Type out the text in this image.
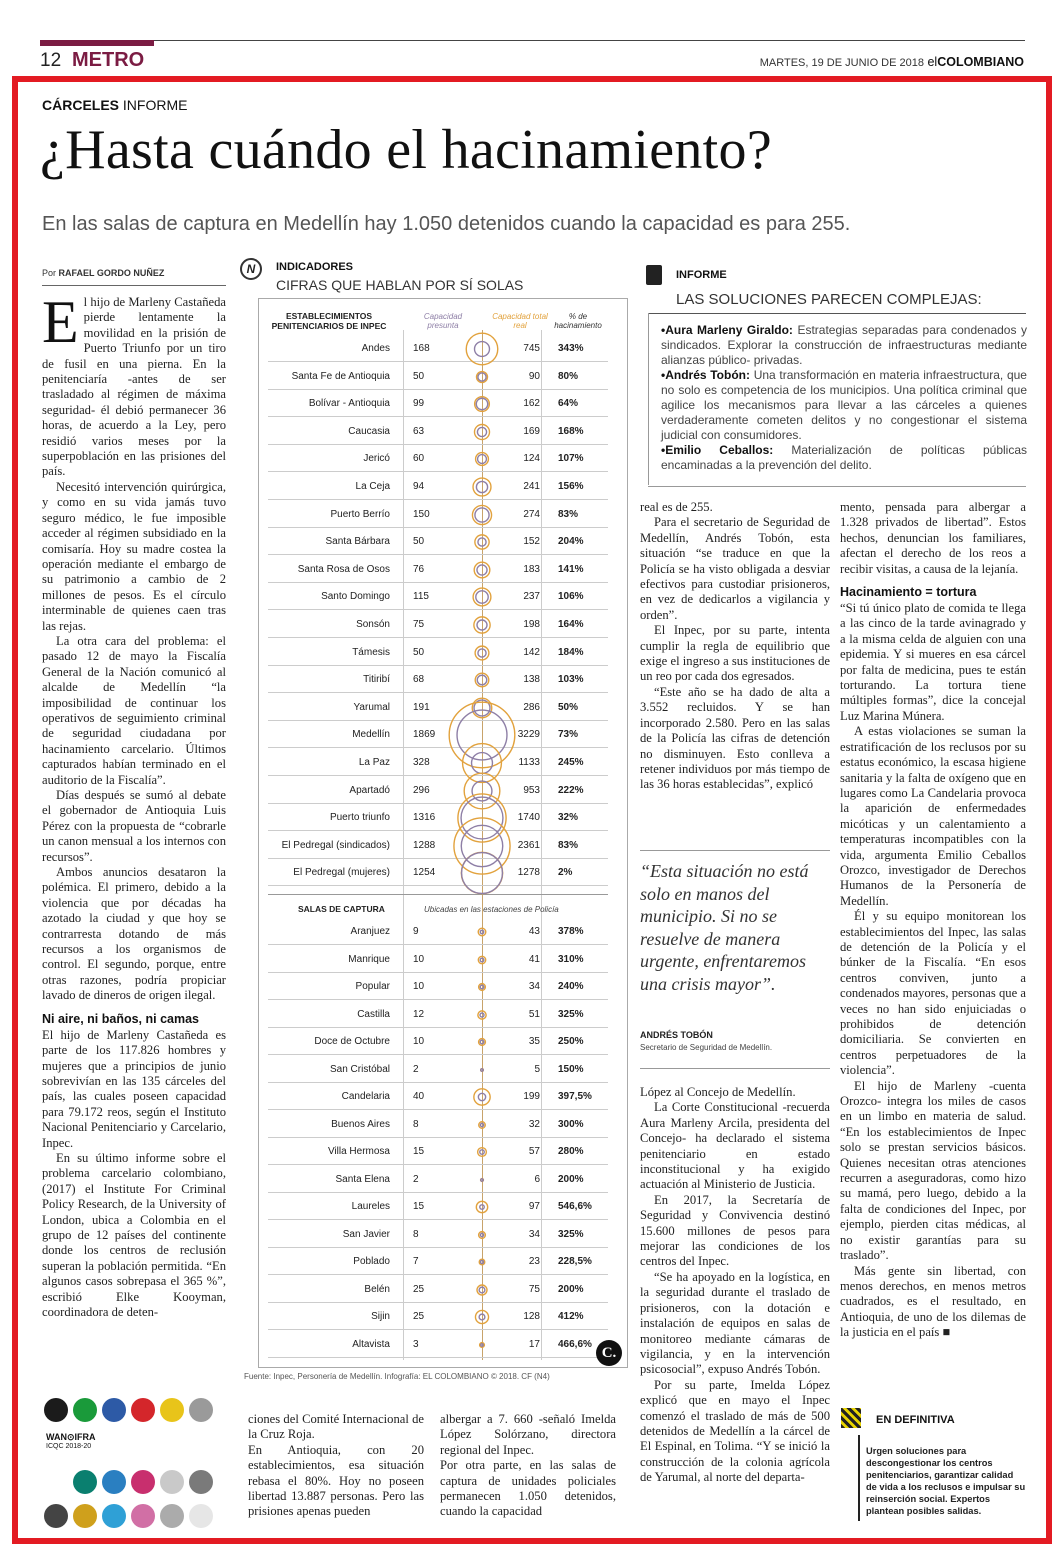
12 METRO	MARTES, 19 DE JUNIO DE 2018 elCOLOMBIANO
CÁRCELES INFORME
¿Hasta cuándo el hacinamiento?
En las salas de captura en Medellín hay 1.050 detenidos cuando la capacidad es para 255.
Por RAFAEL GORDO NUÑEZ

El hijo de Marleny Castañeda pierde lentamente la movilidad en la prisión de Puerto Triunfo por un tiro de fusil en una pierna. En la penitenciaría -antes de ser trasladado al régimen de máxima seguridad- él debió permanecer 36 horas, de acuerdo a la Ley, pero residió varios meses por la superpoblación en las prisiones del país.

Necesitó intervención quirúrgica, y como en su vida jamás tuvo seguro médico, le fue imposible acceder al régimen subsidiado en la comisaría. Hoy su madre costea la operación mediante el embargo de su patrimonio a cambio de 2 millones de pesos. Es el círculo interminable de quienes caen tras las rejas.

La otra cara del problema: el pasado 12 de mayo la Fiscalía General de la Nación comunicó al alcalde de Medellín “la imposibilidad de continuar los operativos de seguimiento criminal de seguridad ciudadana por hacinamiento carcelario. Últimos capturados habían terminado en el auditorio de la Fiscalía”.

Días después se sumó al debate el gobernador de Antioquia Luis Pérez con la propuesta de “cobrarle un canon mensual a los internos con recursos”.

Ambos anuncios desataron la polémica. El primero, debido a la violencia que por décadas ha azotado la ciudad y que hoy se contrarresta dotando de más recursos a los organismos de control. El segundo, porque, entre otras razones, podría propiciar lavado de dineros de origen ilegal.

Ni aire, ni baños, ni camas

El hijo de Marleny Castañeda es parte de los 117.826 hombres y mujeres que a principios de junio sobrevivían en las 135 cárceles del país, las cuales poseen capacidad para 79.172 reos, según el Instituto Nacional Penitenciario y Carcelario, Inpec.

En su último informe sobre el problema carcelario colombiano, (2017) el Institute For Criminal Policy Research, de la University of London, ubica a Colombia en el grupo de 12 países del continente donde los centros de reclusión superan la población permitida. “En algunos casos sobrepasa el 365 %”, escribió Elke Kooyman, coordinadora de deten-

N	INDICADORES
CIFRAS QUE HABLAN POR SÍ SOLAS
ESTABLECIMIENTOS PENITENCIARIOS DE INPEC
Capacidad presunta
Capacidad total real
% de hacinamiento
Andes 168	745 343%
Santa Fe de Antioquia 50	90 80%
Bolívar - Antioquia 99	162 64%
Caucasia 63	169 168%
Jericó 60	124 107%
La Ceja 94	241 156%
Puerto Berrío 150	274 83%
Santa Bárbara 50	152 204%
Santa Rosa de Osos 76	183 141%
Santo Domingo 115	237 106%
Sonsón 75	198 164%
Támesis 50	142 184%
Titiribí 68	138 103%
Yarumal 191	286 50%
Medellín 1869	3229 73%
La Paz 328	1133 245%
Apartadó 296	953 222%
Puerto triunfo 1316	1740 32%
El Pedregal (sindicados) 1288	2361 83%
El Pedregal (mujeres) 1254	1278 2%
Aranjuez 9	43 378%
Manrique 10	41 310%
Popular 10	34 240%
Castilla 12	51 325%
Doce de Octubre 10	35 250%
San Cristóbal 2	5 150%
Candelaria 40	199 397,5%
Buenos Aires 8	32 300%
Villa Hermosa 15	57 280%
Santa Elena 2	6 200%
Laureles 15	97 546,6%
San Javier 8	34 325%
Poblado 7	23 228,5%
Belén 25	75 200%
Sijin 25	128 412%
Altavista 3	17 466,6%
SALAS DE CAPTURA	Ubicadas en las estaciones de Policía
Fuente: Inpec, Personería de Medellín. Infografía: EL COLOMBIANO © 2018. CF (N4)
C.
INFORME
LAS SOLUCIONES PARECEN COMPLEJAS:

•Aura Marleny Giraldo: Estrategias separadas para condenados y sindicados. Explorar la construcción de infraestructuras mediante alianzas público- privadas.

•Andrés Tobón: Una transformación en materia infraestructura, que no solo es competencia de los municipios. Una política criminal que agilice los mecanismos para llevar a las cárceles a quienes verdaderamente cometen delitos y no congestionar el sistema judicial con consumidores.

•Emilio Ceballos: Materialización de políticas públicas encaminadas a la prevención del delito.

ciones del Comité Internacional de la Cruz Roja.
En Antioquia, con 20 establecimientos, esa situación rebasa el 80%. Hoy no poseen libertad 13.887 personas. Pero las prisiones apenas pueden

albergar a 7. 660 -señaló Imelda López Solórzano, directora regional del Inpec.
Por otra parte, en las salas de captura de unidades policiales permanecen 1.050 detenidos, cuando la capacidad

real es de 255.

Para el secretario de Seguridad de Medellín, Andrés Tobón, esta situación “se traduce en que la Policía se ha visto obligada a desviar efectivos para custodiar prisioneros, en vez de dedicarlos a vigilancia y orden”.

El Inpec, por su parte, intenta cumplir la regla de equilibrio que exige el ingreso a sus instituciones de un reo por cada dos egresados.

“Este año se ha dado de alta a 3.552 recluidos. Y se han incorporado 2.580. Pero en las salas de la Policía las cifras de detención no disminuyen. Esto conlleva a retener individuos por más tiempo de las 36 horas establecidas”, explicó

“Esta situación no está solo en manos del municipio. Si no se resuelve de manera urgente, enfrentaremos una crisis mayor”.
ANDRÉS TOBÓN
Secretario de Seguridad de Medellín.

López al Concejo de Medellín.

La Corte Constitucional -recuerda Aura Marleny Arcila, presidenta del Concejo- ha declarado el sistema penitenciario en estado inconstitucional y ha exigido actuación al Ministerio de Justicia.

En 2017, la Secretaría de Seguridad y Convivencia destinó 15.600 millones de pesos para mejorar las condiciones de los centros del Inpec.

“Se ha apoyado en la logística, en la seguridad durante el traslado de prisioneros, con la dotación e instalación de equipos en salas de monitoreo mediante cámaras de vigilancia, y en la intervención psicosocial”, expuso Andrés Tobón.

Por su parte, Imelda López explicó que en mayo el Inpec comenzó el traslado de más de 500 detenidos de Medellín a la cárcel de El Espinal, en Tolima. “Y se inició la construcción de la colonia agrícola de Yarumal, al norte del departa-

mento, pensada para albergar a 1.328 privados de libertad”. Estos hechos, denuncian los familiares, afectan el derecho de los reos a recibir visitas, a causa de la lejanía.

Hacinamiento = tortura

“Si tú único plato de comida te llega a las cinco de la tarde avinagrado y a la misma celda de alguien con una epidemia. Y si mueres en esa cárcel por falta de medicina, pues te están torturando. La tortura tiene múltiples formas”, dice la concejal Luz Marina Múnera.

A estas violaciones se suman la estratificación de los reclusos por su estatus económico, la escasa higiene sanitaria y la falta de oxígeno que en lugares como La Candelaria provoca la aparición de enfermedades micóticas y un calentamiento a temperaturas incompatibles con la vida, argumenta Emilio Ceballos Orozco, investigador de Derechos Humanos de la Personería de Medellín.

Él y su equipo monitorean los establecimientos del Inpec, las salas de detención de la Policía y el búnker de la Fiscalía. “En esos centros conviven, junto a condenados mayores, personas que a veces no han sido enjuiciadas o prohibidos de detención domiciliaria. Se convierten en centros perpetuadores de la violencia”.

El hijo de Marleny -cuenta Orozco- integra los miles de casos en un limbo en materia de salud. “En los establecimientos de Inpec solo se prestan servicios básicos. Quienes necesitan otras atenciones recurren a aseguradoras, como hizo su mamá, pero luego, debido a la falta de condiciones del Inpec, por ejemplo, pierden citas médicas, al no existir garantías para su traslado”.

Más gente sin libertad, con menos derechos, en menos metros cuadrados, es el resultado, en Antioquia, de uno de los dilemas de la justicia en el país ■

EN DEFINITIVA
Urgen soluciones para descongestionar los centros penitenciarios, garantizar calidad de vida a los reclusos e impulsar su reinserción social. Expertos plantean posibles salidas.
WAN⊙IFRA
ICQC 2018-20
